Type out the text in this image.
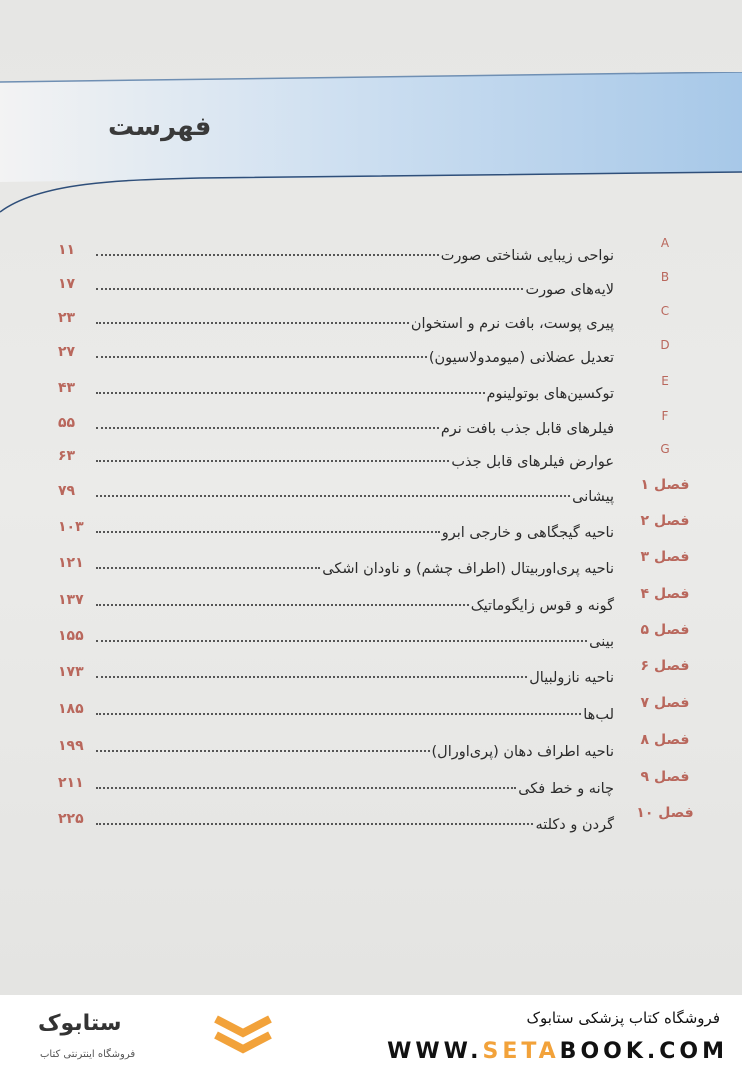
فهرست
A
نواحی زیبایی شناختی صورت
۱۱
B
لایه‌های صورت
۱۷
C
پیری پوست، بافت نرم و استخوان
۲۳
D
تعدیل عضلانی (میومدولاسیون)
۲۷
E
توکسین‌های بوتولینوم
۴۳
F
فیلرهای قابل جذب بافت نرم
۵۵
G
عوارض فیلرهای قابل جذب
۶۳
فصل ۱
پیشانی
۷۹
فصل ۲
ناحیه گیجگاهی و خارجی ابرو
۱۰۳
فصل ۳
ناحیه پری‌اوربیتال (اطراف چشم) و ناودان اشکی
۱۲۱
فصل ۴
گونه و قوس زایگوماتیک
۱۳۷
فصل ۵
بینی
۱۵۵
فصل ۶
ناحیه نازولبیال
۱۷۳
فصل ۷
لب‌ها
۱۸۵
فصل ۸
ناحیه اطراف دهان (پری‌اورال)
۱۹۹
فصل ۹
چانه و خط فکی
۲۱۱
فصل ۱۰
گردن و دکلته
۲۲۵
فروشگاه کتاب پزشکی ستابوک
WWW.SETABOOK.COM
ستابوک
فروشگاه اینترنتی کتاب
